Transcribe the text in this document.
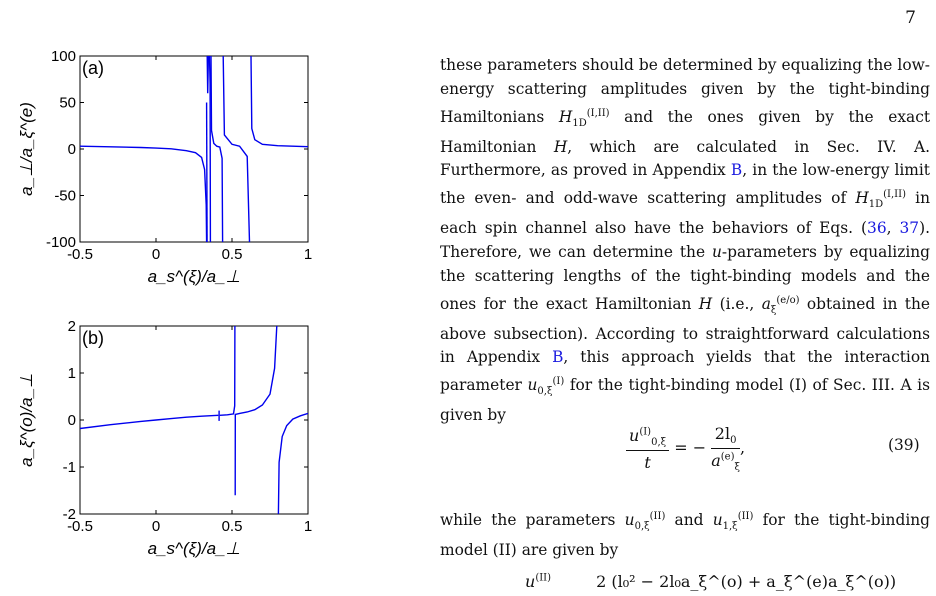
7
-0.5	0	0.5	1
100
50
0
-50
-100
(a)
a_s^(ξ)/a_⊥
a_⊥/a_ξ^(e)
-0.5	0	0.5	1
2
1
0
-1
-2
(b)
a_s^(ξ)/a_⊥
a_ξ^(o)/a_⊥

these parameters should be determined by equalizing the low-energy scattering amplitudes given by the tight-binding Hamiltonians $H_{1D}^{(I,II)}$ and the ones given by the exact Hamiltonian H, which are calculated in Sec. IV. A. Furthermore, as proved in Appendix B, in the low-energy limit the even- and odd-wave scattering amplitudes of $H_{1D}^{(I,II)}$ in each spin channel also have the behaviors of Eqs. (36, 37). Therefore, we can determine the u-parameters by equalizing the scattering lengths of the tight-binding models and the ones for the exact Hamiltonian H (i.e., $a_\xi^{(e/o)}$ obtained in the above subsection). According to straightforward calculations in Appendix B, this approach yields that the interaction parameter $u_{0,\xi}^{(I)}$ for the tight-binding model (I) of Sec. III. A is given by

$\frac{u^{(I)}_{0,\xi}}{t}$ = − $\frac{2l_0}{a^{(e)}_\xi}$ ,	(39)

while the parameters $u_{0,\xi}^{(II)}$ and $u_{1,\xi}^{(II)}$ for the tight-binding model (II) are given by

$u^{(II)}$	2 (l₀² − 2l₀a_ξ^(o) + a_ξ^(e)a_ξ^(o))
